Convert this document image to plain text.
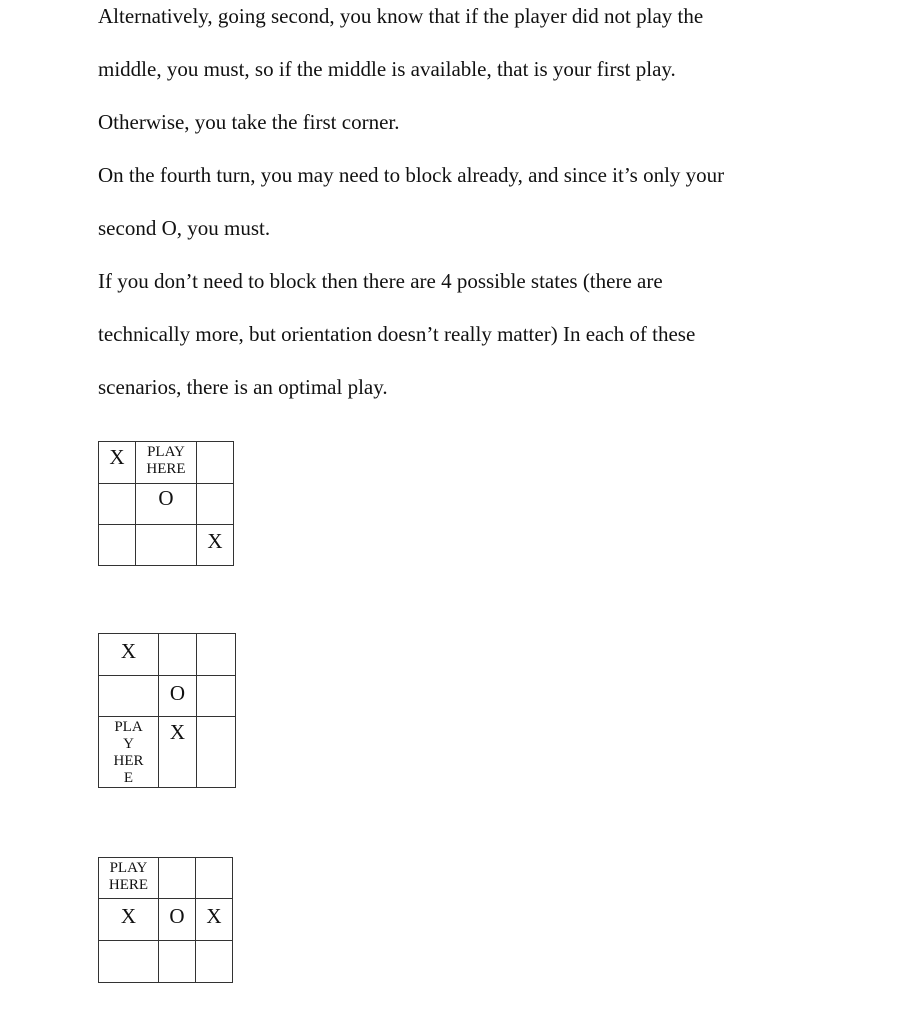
Alternatively, going second, you know that if the player did not play the

middle, you must, so if the middle is available, that is your first play.

Otherwise, you take the first corner.

On the fourth turn, you may need to block already, and since it’s only your

second O, you must.

If you don’t need to block then there are 4 possible states (there are

technically more, but orientation doesn’t really matter) In each of these

scenarios, there is an optimal play.

X	PLAY
HERE	

	O	

		X
X		

	O	

PLA
Y
HER
E	X	

PLAY
HERE		

X	O	X
